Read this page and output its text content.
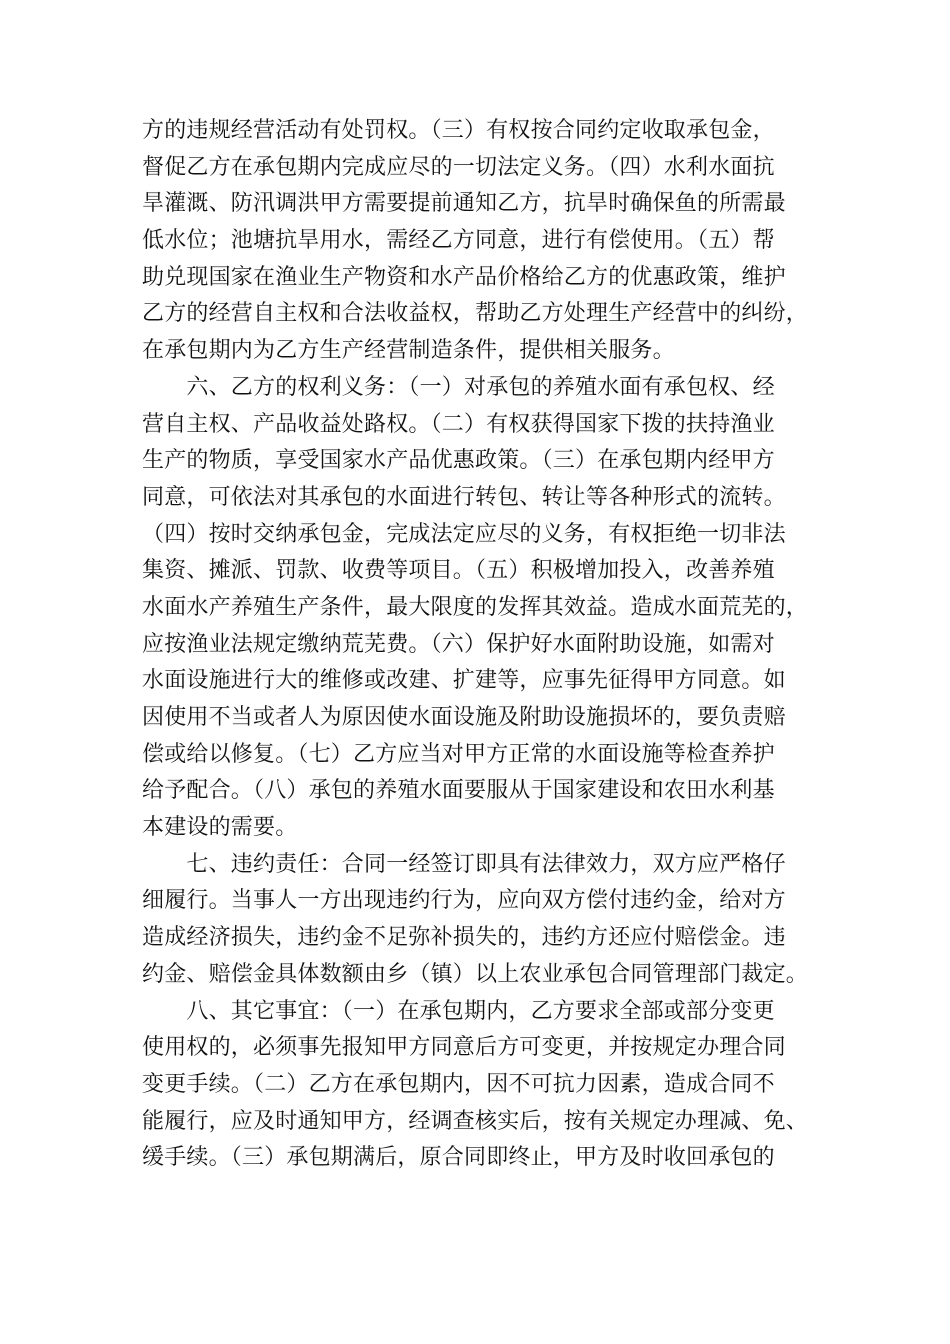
方的违规经营活动有处罚权。（三）有权按合同约定收取承包金，
督促乙方在承包期内完成应尽的一切法定义务。（四）水利水面抗
旱灌溉、防汛调洪甲方需要提前通知乙方，抗旱时确保鱼的所需最
低水位；池塘抗旱用水，需经乙方同意，进行有偿使用。（五）帮
助兑现国家在渔业生产物资和水产品价格给乙方的优惠政策，维护
乙方的经营自主权和合法收益权，帮助乙方处理生产经营中的纠纷，
在承包期内为乙方生产经营制造条件，提供相关服务。
　　六、乙方的权利义务：（一）对承包的养殖水面有承包权、经
营自主权、产品收益处路权。（二）有权获得国家下拨的扶持渔业
生产的物质，享受国家水产品优惠政策。（三）在承包期内经甲方
同意，可依法对其承包的水面进行转包、转让等各种形式的流转。
（四）按时交纳承包金，完成法定应尽的义务，有权拒绝一切非法
集资、摊派、罚款、收费等项目。（五）积极增加投入，改善养殖
水面水产养殖生产条件，最大限度的发挥其效益。造成水面荒芜的，
应按渔业法规定缴纳荒芜费。（六）保护好水面附助设施，如需对
水面设施进行大的维修或改建、扩建等，应事先征得甲方同意。如
因使用不当或者人为原因使水面设施及附助设施损坏的，要负责赔
偿或给以修复。（七）乙方应当对甲方正常的水面设施等检查养护
给予配合。（八）承包的养殖水面要服从于国家建设和农田水利基
本建设的需要。
　　七、违约责任：合同一经签订即具有法律效力，双方应严格仔
细履行。当事人一方出现违约行为，应向双方偿付违约金，给对方
造成经济损失，违约金不足弥补损失的，违约方还应付赔偿金。违
约金、赔偿金具体数额由乡（镇）以上农业承包合同管理部门裁定。
　　八、其它事宜：（一）在承包期内，乙方要求全部或部分变更
使用权的，必须事先报知甲方同意后方可变更，并按规定办理合同
变更手续。（二）乙方在承包期内，因不可抗力因素，造成合同不
能履行，应及时通知甲方，经调查核实后，按有关规定办理减、免、
缓手续。（三）承包期满后，原合同即终止，甲方及时收回承包的
